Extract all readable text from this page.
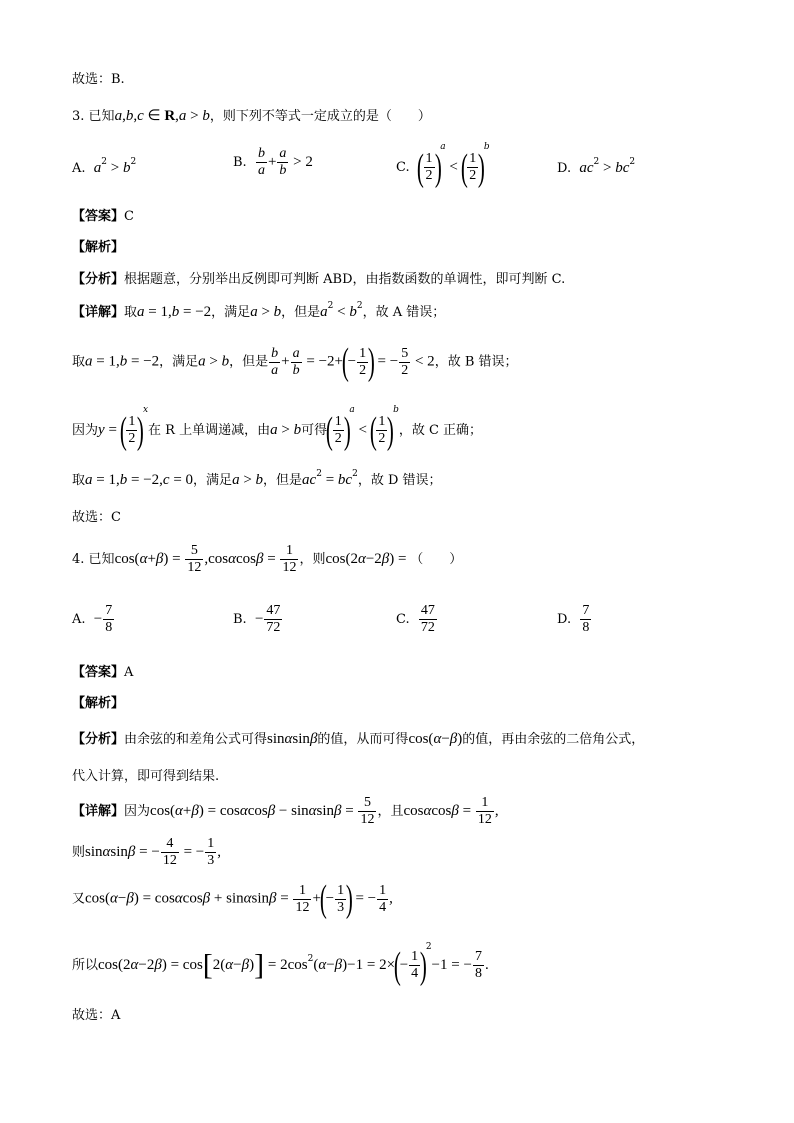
故选：B.
3. 已知a,b,c ∈ R,a > b，则下列不等式一定成立的是（　　）
A. $a^2 > b^2$	B. $\frac{b}{a} + \frac{a}{b} > 2$	C. ( $\frac{1}{2} )^a$ < ( $\frac{1}{2} )^b$
D. $ac^2 > bc^2$
【答案】C
【解析】
【分析】根据题意，分别举出反例即可判断 ABD，由指数函数的单调性，即可判断 C.
【详解】取a = 1,b = −2，满足a > b，但是$a^2 < b^2$，故 A 错误；
取a = 1,b = −2，满足a > b，但是 $\frac{b}{a} + \frac{a}{b} = -2+(- \frac{1}{2}$ ) = − $\frac{5}{2} < 2$，故 B 错误；
因为y = ( $\frac{1}{2} )^x$在 R 上单调递减，由a > b可得( $\frac{1}{2} )^a$ < ( $\frac{1}{2} )^b$，故 C 正确；
取a = 1,b = −2,c = 0，满足a > b，但是$ac^2 = bc^2$，故 D 错误；
故选：C
4. 已知$\cos(\alpha+\beta) = \frac{5}{12} ,\cos\alpha\cos\beta = \frac{1}{12}$ ，则cos(2α−2β) = （　　）
A. − $\frac{7}{8}$	B. − $\frac{47}{72}$	C. $\frac{47}{72}$	D. $\frac{7}{8}$
【答案】A
【解析】
【分析】由余弦的和差角公式可得sinαsinβ的值，从而可得cos(α−β)的值，再由余弦的二倍角公式，
代入计算，即可得到结果.
【详解】因为$\cos(\alpha+\beta) = \cos\alpha\cos\beta - \sin\alpha\sin\beta = \frac{5}{12}$ ，且$\cos\alpha\cos\beta = \frac{1}{12}$ ,
则sinαsinβ = − $\frac{4}{12}$ = − $\frac{1}{3}$ ,
又$\cos(\alpha-\beta) = \cos\alpha\cos\beta + \sin\alpha\sin\beta = \frac{1}{12}$ +(− $\frac{1}{3}$ ) = − $\frac{1}{4}$ ,
所以$\cos(2\alpha-2\beta) = \cos[2(\alpha-\beta)] = 2\cos^2(\alpha-\beta)-1 = 2\times(- \frac{1}{4} )^2-1$ = − $\frac{7}{8}$ .
故选：A
